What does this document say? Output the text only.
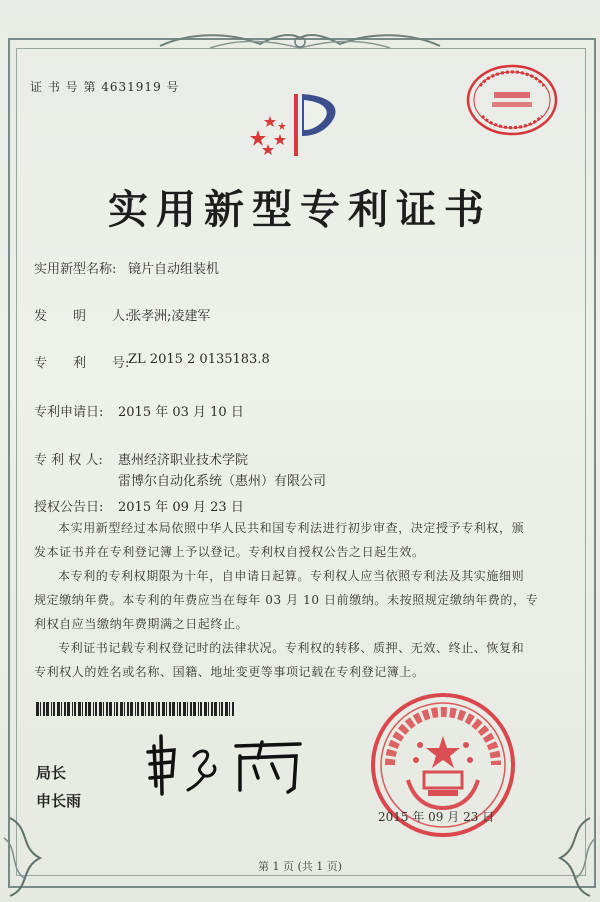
证 书 号 第 4631919 号
实用新型专利证书
实用新型名称: 镜片自动组装机
发　　明　　人:
张孝洲;凌建军
专　　利　　号:
ZL 2015 2 0135183.8
专利申请日: 2015 年 03 月 10 日
专 利 权 人: 惠州经济职业技术学院
雷博尔自动化系统（惠州）有限公司
授权公告日: 2015 年 09 月 23 日
本实用新型经过本局依照中华人民共和国专利法进行初步审查，决定授予专利权，颁
发本证书并在专利登记簿上予以登记。专利权自授权公告之日起生效。
本专利的专利权期限为十年，自申请日起算。专利权人应当依照专利法及其实施细则
规定缴纳年费。本专利的年费应当在每年 03 月 10 日前缴纳。未按照规定缴纳年费的，专
利权自应当缴纳年费期满之日起终止。
专利证书记载专利权登记时的法律状况。专利权的转移、质押、无效、终止、恢复和
专利权人的姓名或名称、国籍、地址变更等事项记载在专利登记簿上。
局长
申长雨
2015 年 09 月 23 日
第 1 页 (共 1 页)
